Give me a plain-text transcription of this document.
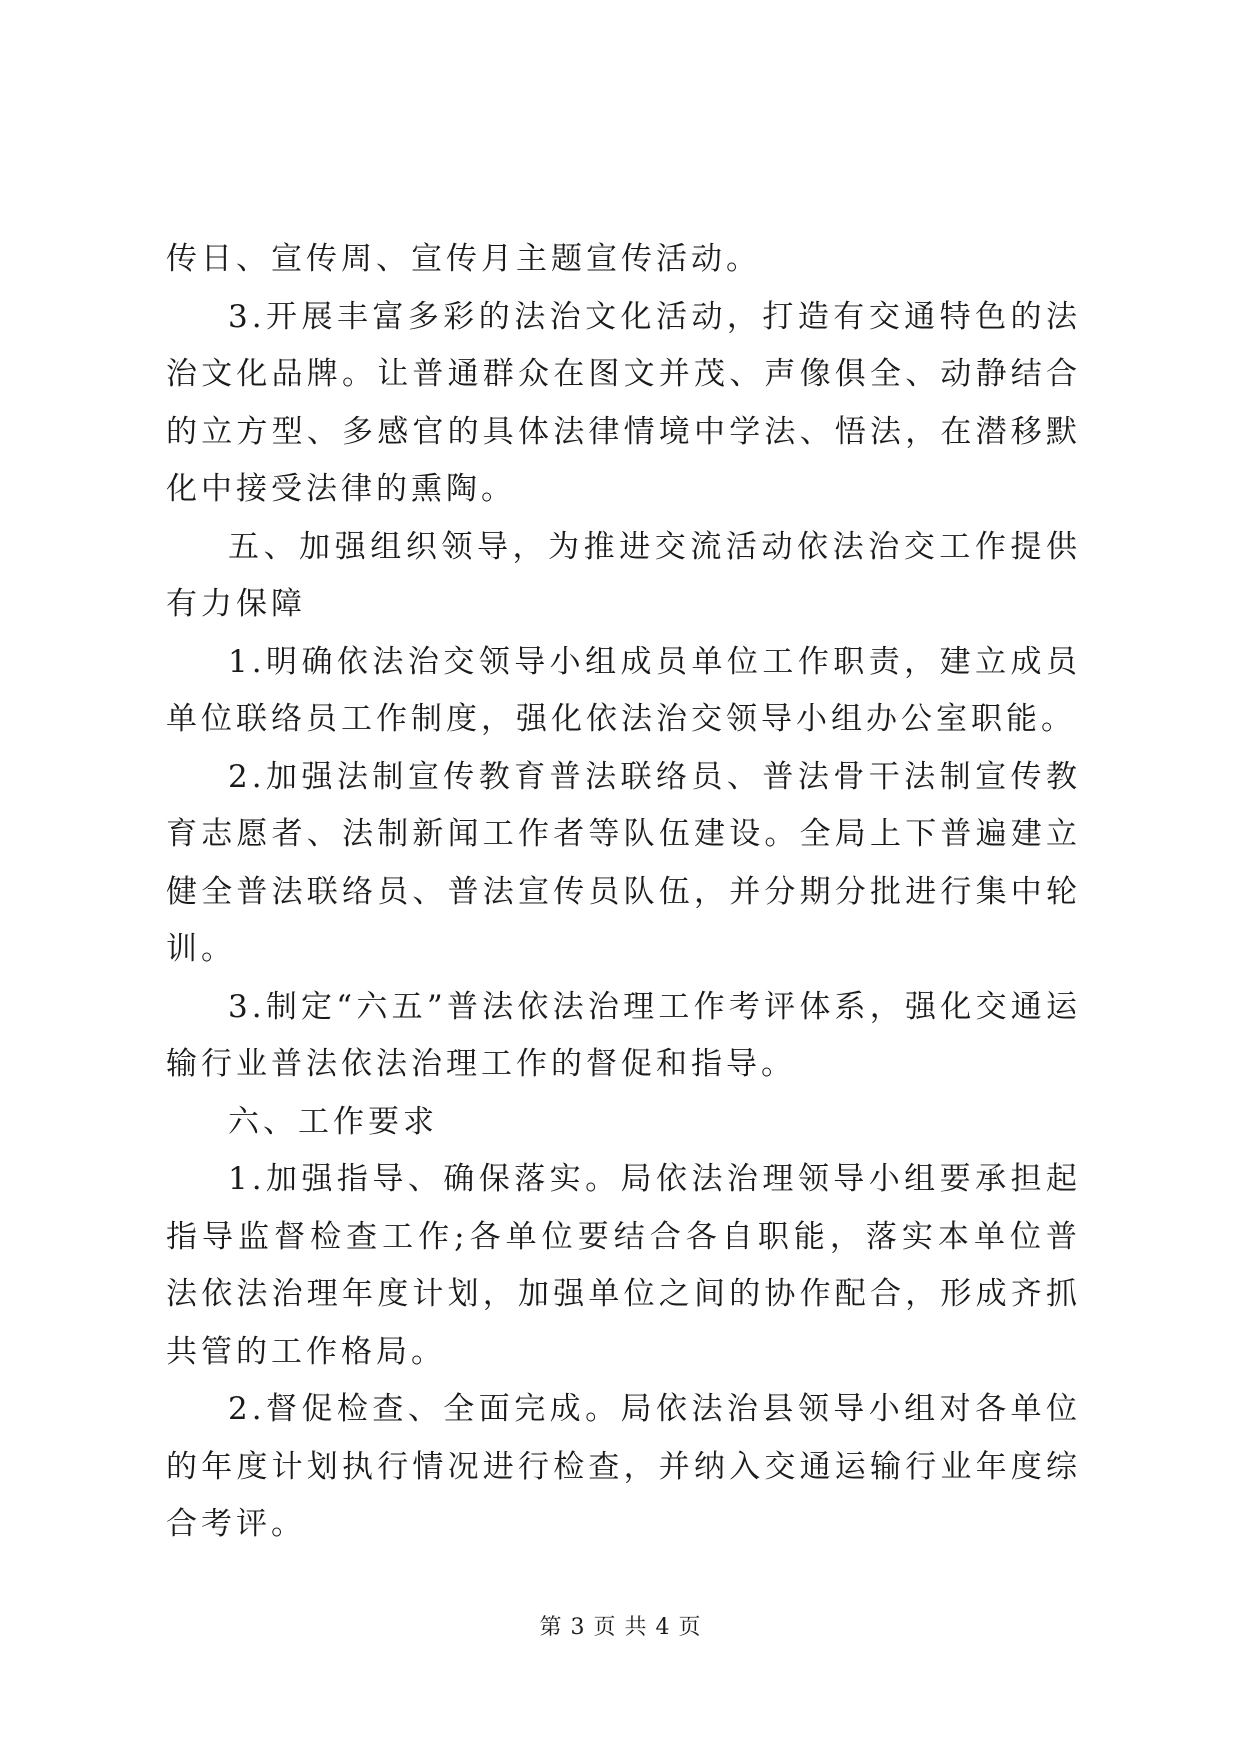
传日、宣传周、宣传月主题宣传活动。

3.开展丰富多彩的法治文化活动，打造有交通特色的法治文化品牌。让普通群众在图文并茂、声像俱全、动静结合的立方型、多感官的具体法律情境中学法、悟法，在潜移默化中接受法律的熏陶。

五、加强组织领导，为推进交流活动依法治交工作提供有力保障

1.明确依法治交领导小组成员单位工作职责，建立成员单位联络员工作制度，强化依法治交领导小组办公室职能。

2.加强法制宣传教育普法联络员、普法骨干法制宣传教育志愿者、法制新闻工作者等队伍建设。全局上下普遍建立健全普法联络员、普法宣传员队伍，并分期分批进行集中轮训。

3.制定“六五”普法依法治理工作考评体系，强化交通运输行业普法依法治理工作的督促和指导。

六、工作要求

1.加强指导、确保落实。局依法治理领导小组要承担起指导监督检查工作;各单位要结合各自职能，落实本单位普法依法治理年度计划，加强单位之间的协作配合，形成齐抓共管的工作格局。

2.督促检查、全面完成。局依法治县领导小组对各单位的年度计划执行情况进行检查，并纳入交通运输行业年度综合考评。

第 3 页 共 4 页
